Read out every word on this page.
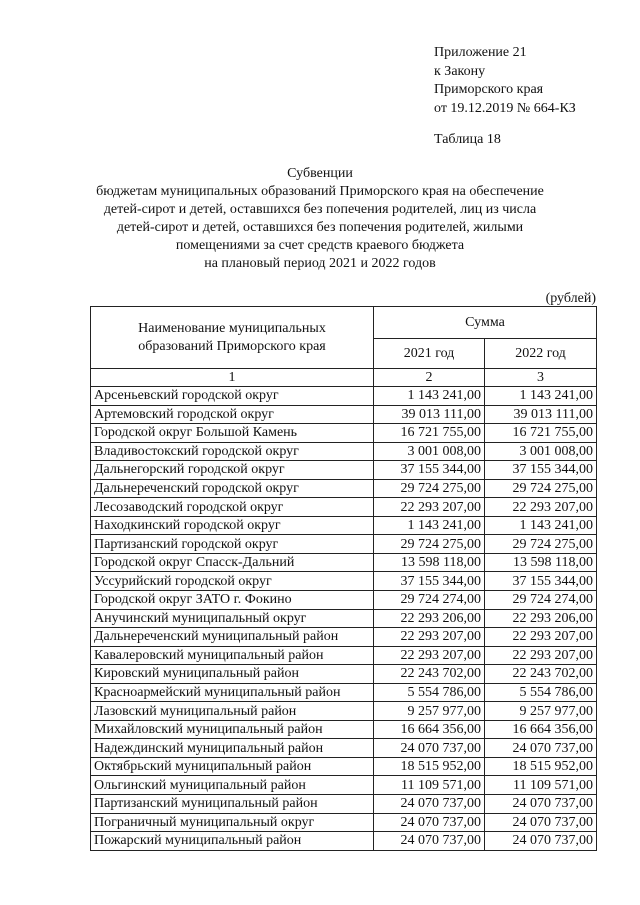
Приложение 21
к Закону
Приморского края
от 19.12.2019 № 664-КЗ
Таблица 18
Субвенции
бюджетам муниципальных образований Приморского края на обеспечение
детей-сирот и детей, оставшихся без попечения родителей, лиц из числа
детей-сирот и детей, оставшихся без попечения родителей, жилыми
помещениями за счет средств краевого бюджета
на плановый период 2021 и 2022 годов
(рублей)
Наименование муниципальных
образований Приморского края	Сумма	
	2021 год	2022 год
1	2	3
Арсеньевский городской округ	1 143 241,00	1 143 241,00
Артемовский городской округ	39 013 111,00	39 013 111,00
Городской округ Большой Камень	16 721 755,00	16 721 755,00
Владивостокский городской округ	3 001 008,00	3 001 008,00
Дальнегорский городской округ	37 155 344,00	37 155 344,00
Дальнереченский городской округ	29 724 275,00	29 724 275,00
Лесозаводский городской округ	22 293 207,00	22 293 207,00
Находкинский городской округ	1 143 241,00	1 143 241,00
Партизанский городской округ	29 724 275,00	29 724 275,00
Городской округ Спасск-Дальний	13 598 118,00	13 598 118,00
Уссурийский городской округ	37 155 344,00	37 155 344,00
Городской округ ЗАТО г. Фокино	29 724 274,00	29 724 274,00
Анучинский муниципальный округ	22 293 206,00	22 293 206,00
Дальнереченский муниципальный район	22 293 207,00	22 293 207,00
Кавалеровский муниципальный район	22 293 207,00	22 293 207,00
Кировский муниципальный район	22 243 702,00	22 243 702,00
Красноармейский муниципальный район	5 554 786,00	5 554 786,00
Лазовский муниципальный район	9 257 977,00	9 257 977,00
Михайловский муниципальный район	16 664 356,00	16 664 356,00
Надеждинский муниципальный район	24 070 737,00	24 070 737,00
Октябрьский муниципальный район	18 515 952,00	18 515 952,00
Ольгинский муниципальный район	11 109 571,00	11 109 571,00
Партизанский муниципальный район	24 070 737,00	24 070 737,00
Пограничный муниципальный округ	24 070 737,00	24 070 737,00
Пожарский муниципальный район	24 070 737,00	24 070 737,00
